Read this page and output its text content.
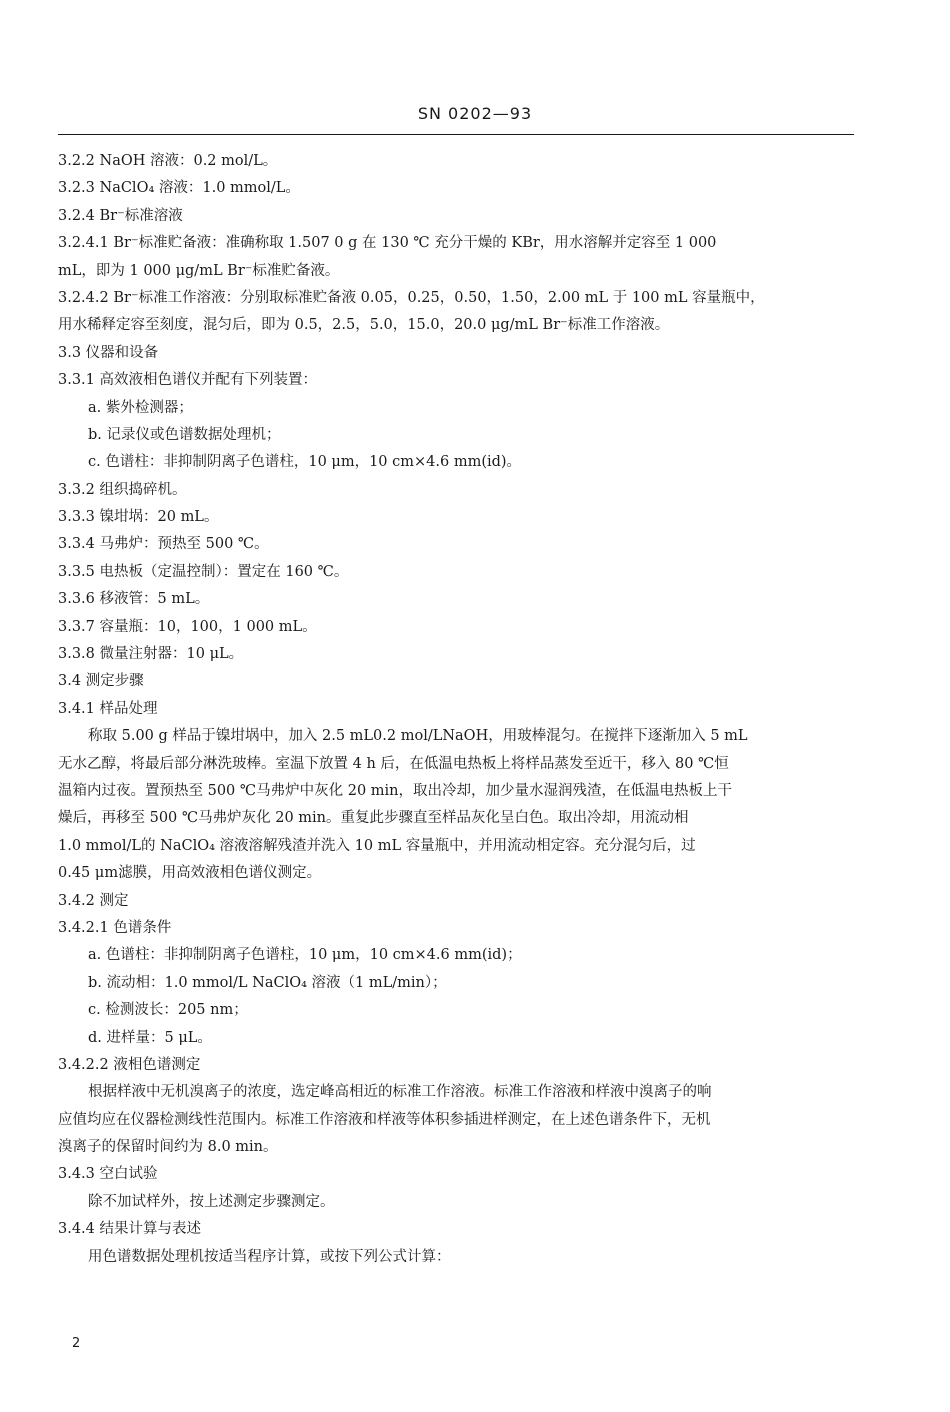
SN 0202—93
3.2.2 NaOH 溶液：0.2 mol/L。
3.2.3 NaClO₄ 溶液：1.0 mmol/L。
3.2.4 Br⁻标准溶液
3.2.4.1 Br⁻标准贮备液：准确称取 1.507 0 g 在 130 ℃ 充分干燥的 KBr，用水溶解并定容至 1 000
mL，即为 1 000 μg/mL Br⁻标准贮备液。
3.2.4.2 Br⁻标准工作溶液：分别取标准贮备液 0.05，0.25，0.50，1.50，2.00 mL 于 100 mL 容量瓶中，
用水稀释定容至刻度，混匀后，即为 0.5，2.5，5.0，15.0，20.0 μg/mL Br⁻标准工作溶液。
3.3 仪器和设备
3.3.1 高效液相色谱仪并配有下列装置：
a. 紫外检测器；
b. 记录仪或色谱数据处理机；
c. 色谱柱：非抑制阴离子色谱柱，10 μm，10 cm×4.6 mm(id)。
3.3.2 组织捣碎机。
3.3.3 镍坩埚：20 mL。
3.3.4 马弗炉：预热至 500 ℃。
3.3.5 电热板（定温控制）：置定在 160 ℃。
3.3.6 移液管：5 mL。
3.3.7 容量瓶：10，100，1 000 mL。
3.3.8 微量注射器：10 μL。
3.4 测定步骤
3.4.1 样品处理
称取 5.00 g 样品于镍坩埚中，加入 2.5 mL0.2 mol/LNaOH，用玻棒混匀。在搅拌下逐渐加入 5 mL
无水乙醇，将最后部分淋洗玻棒。室温下放置 4 h 后，在低温电热板上将样品蒸发至近干，移入 80 ℃恒
温箱内过夜。置预热至 500 ℃马弗炉中灰化 20 min，取出冷却，加少量水湿润残渣，在低温电热板上干
燥后，再移至 500 ℃马弗炉灰化 20 min。重复此步骤直至样品灰化呈白色。取出冷却，用流动相
1.0 mmol/L的 NaClO₄ 溶液溶解残渣并洗入 10 mL 容量瓶中，并用流动相定容。充分混匀后，过
0.45 μm滤膜，用高效液相色谱仪测定。
3.4.2 测定
3.4.2.1 色谱条件
a. 色谱柱：非抑制阴离子色谱柱，10 μm，10 cm×4.6 mm(id)；
b. 流动相：1.0 mmol/L NaClO₄ 溶液（1 mL/min）；
c. 检测波长：205 nm；
d. 进样量：5 μL。
3.4.2.2 液相色谱测定
根据样液中无机溴离子的浓度，选定峰高相近的标准工作溶液。标准工作溶液和样液中溴离子的响
应值均应在仪器检测线性范围内。标准工作溶液和样液等体积参插进样测定，在上述色谱条件下，无机
溴离子的保留时间约为 8.0 min。
3.4.3 空白试验
除不加试样外，按上述测定步骤测定。
3.4.4 结果计算与表述
用色谱数据处理机按适当程序计算，或按下列公式计算：
2
